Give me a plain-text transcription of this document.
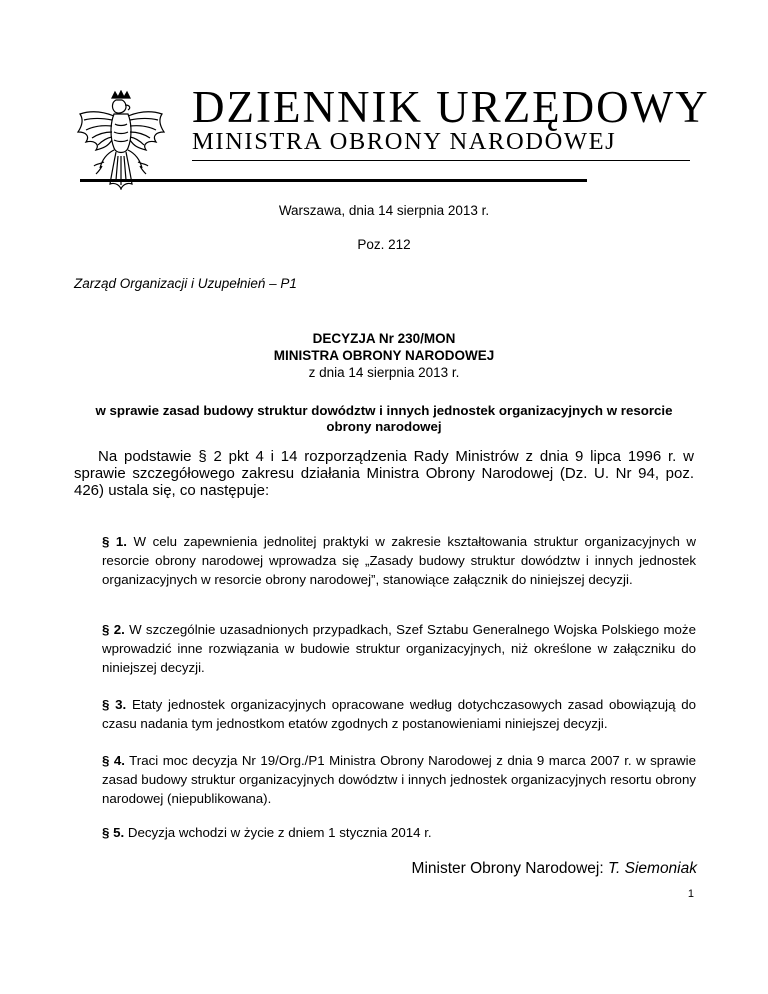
DZIENNIK URZĘDOWY
MINISTRA OBRONY NARODOWEJ
Warszawa, dnia 14 sierpnia 2013 r.
Poz. 212
Zarząd Organizacji i Uzupełnień – P1
DECYZJA Nr 230/MON
MINISTRA OBRONY NARODOWEJ
z dnia 14 sierpnia 2013 r.
w sprawie zasad budowy struktur dowództw i innych jednostek organizacyjnych w resorcie obrony narodowej
Na podstawie § 2 pkt 4 i 14 rozporządzenia Rady Ministrów z dnia 9 lipca 1996 r. w sprawie szczegółowego zakresu działania Ministra Obrony Narodowej (Dz. U. Nr 94, poz. 426) ustala się, co następuje:
§ 1. W celu zapewnienia jednolitej praktyki w zakresie kształtowania struktur organizacyjnych w resorcie obrony narodowej wprowadza się „Zasady budowy struktur dowództw i innych jednostek organizacyjnych w resorcie obrony narodowej”, stanowiące załącznik do niniejszej decyzji.
§ 2. W szczególnie uzasadnionych przypadkach, Szef Sztabu Generalnego Wojska Polskiego może wprowadzić inne rozwiązania w budowie struktur organizacyjnych, niż określone w załączniku do niniejszej decyzji.
§ 3. Etaty jednostek organizacyjnych opracowane według dotychczasowych zasad obowiązują do czasu nadania tym jednostkom etatów zgodnych z postanowieniami niniejszej decyzji.
§ 4. Traci moc decyzja Nr 19/Org./P1 Ministra Obrony Narodowej z dnia 9 marca 2007 r. w sprawie zasad budowy struktur organizacyjnych dowództw i innych jednostek organizacyjnych resortu obrony narodowej (niepublikowana).
§ 5. Decyzja wchodzi w życie z dniem 1 stycznia 2014 r.
Minister Obrony Narodowej: T. Siemoniak
1
